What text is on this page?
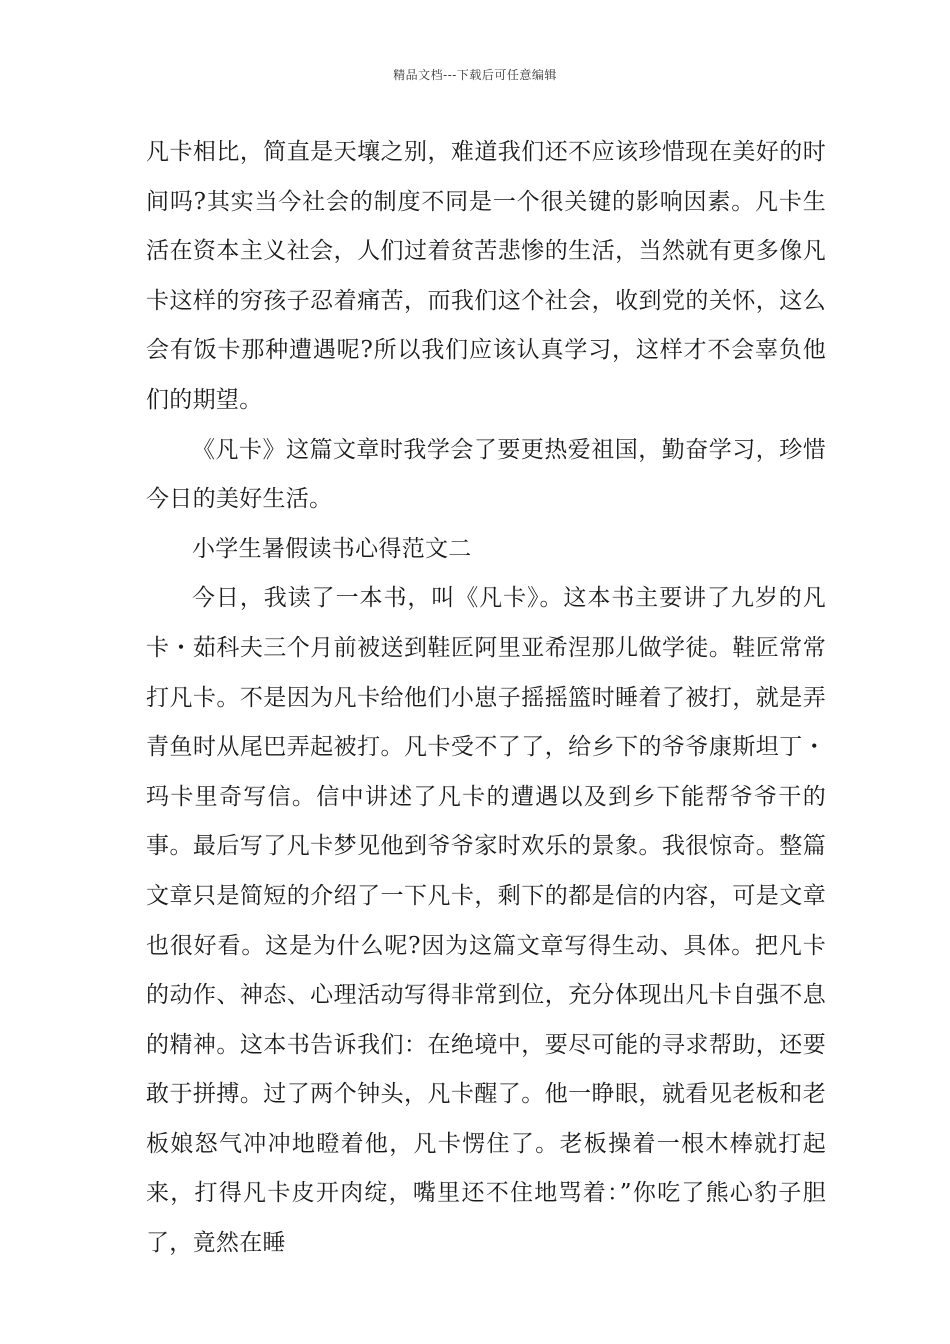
精品文档---下载后可任意编辑

凡卡相比，简直是天壤之别，难道我们还不应该珍惜现在美好的时间吗?其实当今社会的制度不同是一个很关键的影响因素。凡卡生活在资本主义社会，人们过着贫苦悲惨的生活，当然就有更多像凡卡这样的穷孩子忍着痛苦，而我们这个社会，收到党的关怀，这么会有饭卡那种遭遇呢?所以我们应该认真学习，这样才不会辜负他们的期望。

《凡卡》这篇文章时我学会了要更热爱祖国，勤奋学习，珍惜今日的美好生活。

小学生暑假读书心得范文二

今日，我读了一本书，叫《凡卡》。这本书主要讲了九岁的凡卡・茹科夫三个月前被送到鞋匠阿里亚希涅那儿做学徒。鞋匠常常打凡卡。不是因为凡卡给他们小崽子摇摇篮时睡着了被打，就是弄青鱼时从尾巴弄起被打。凡卡受不了了，给乡下的爷爷康斯坦丁・玛卡里奇写信。信中讲述了凡卡的遭遇以及到乡下能帮爷爷干的事。最后写了凡卡梦见他到爷爷家时欢乐的景象。我很惊奇。整篇文章只是简短的介绍了一下凡卡，剩下的都是信的内容，可是文章也很好看。这是为什么呢?因为这篇文章写得生动、具体。把凡卡的动作、神态、心理活动写得非常到位，充分体现出凡卡自强不息的精神。这本书告诉我们：在绝境中，要尽可能的寻求帮助，还要敢于拼搏。过了两个钟头，凡卡醒了。他一睁眼，就看见老板和老板娘怒气冲冲地瞪着他，凡卡愣住了。老板操着一根木棒就打起来，打得凡卡皮开肉绽，嘴里还不住地骂着：”你吃了熊心豹子胆了，竟然在睡
